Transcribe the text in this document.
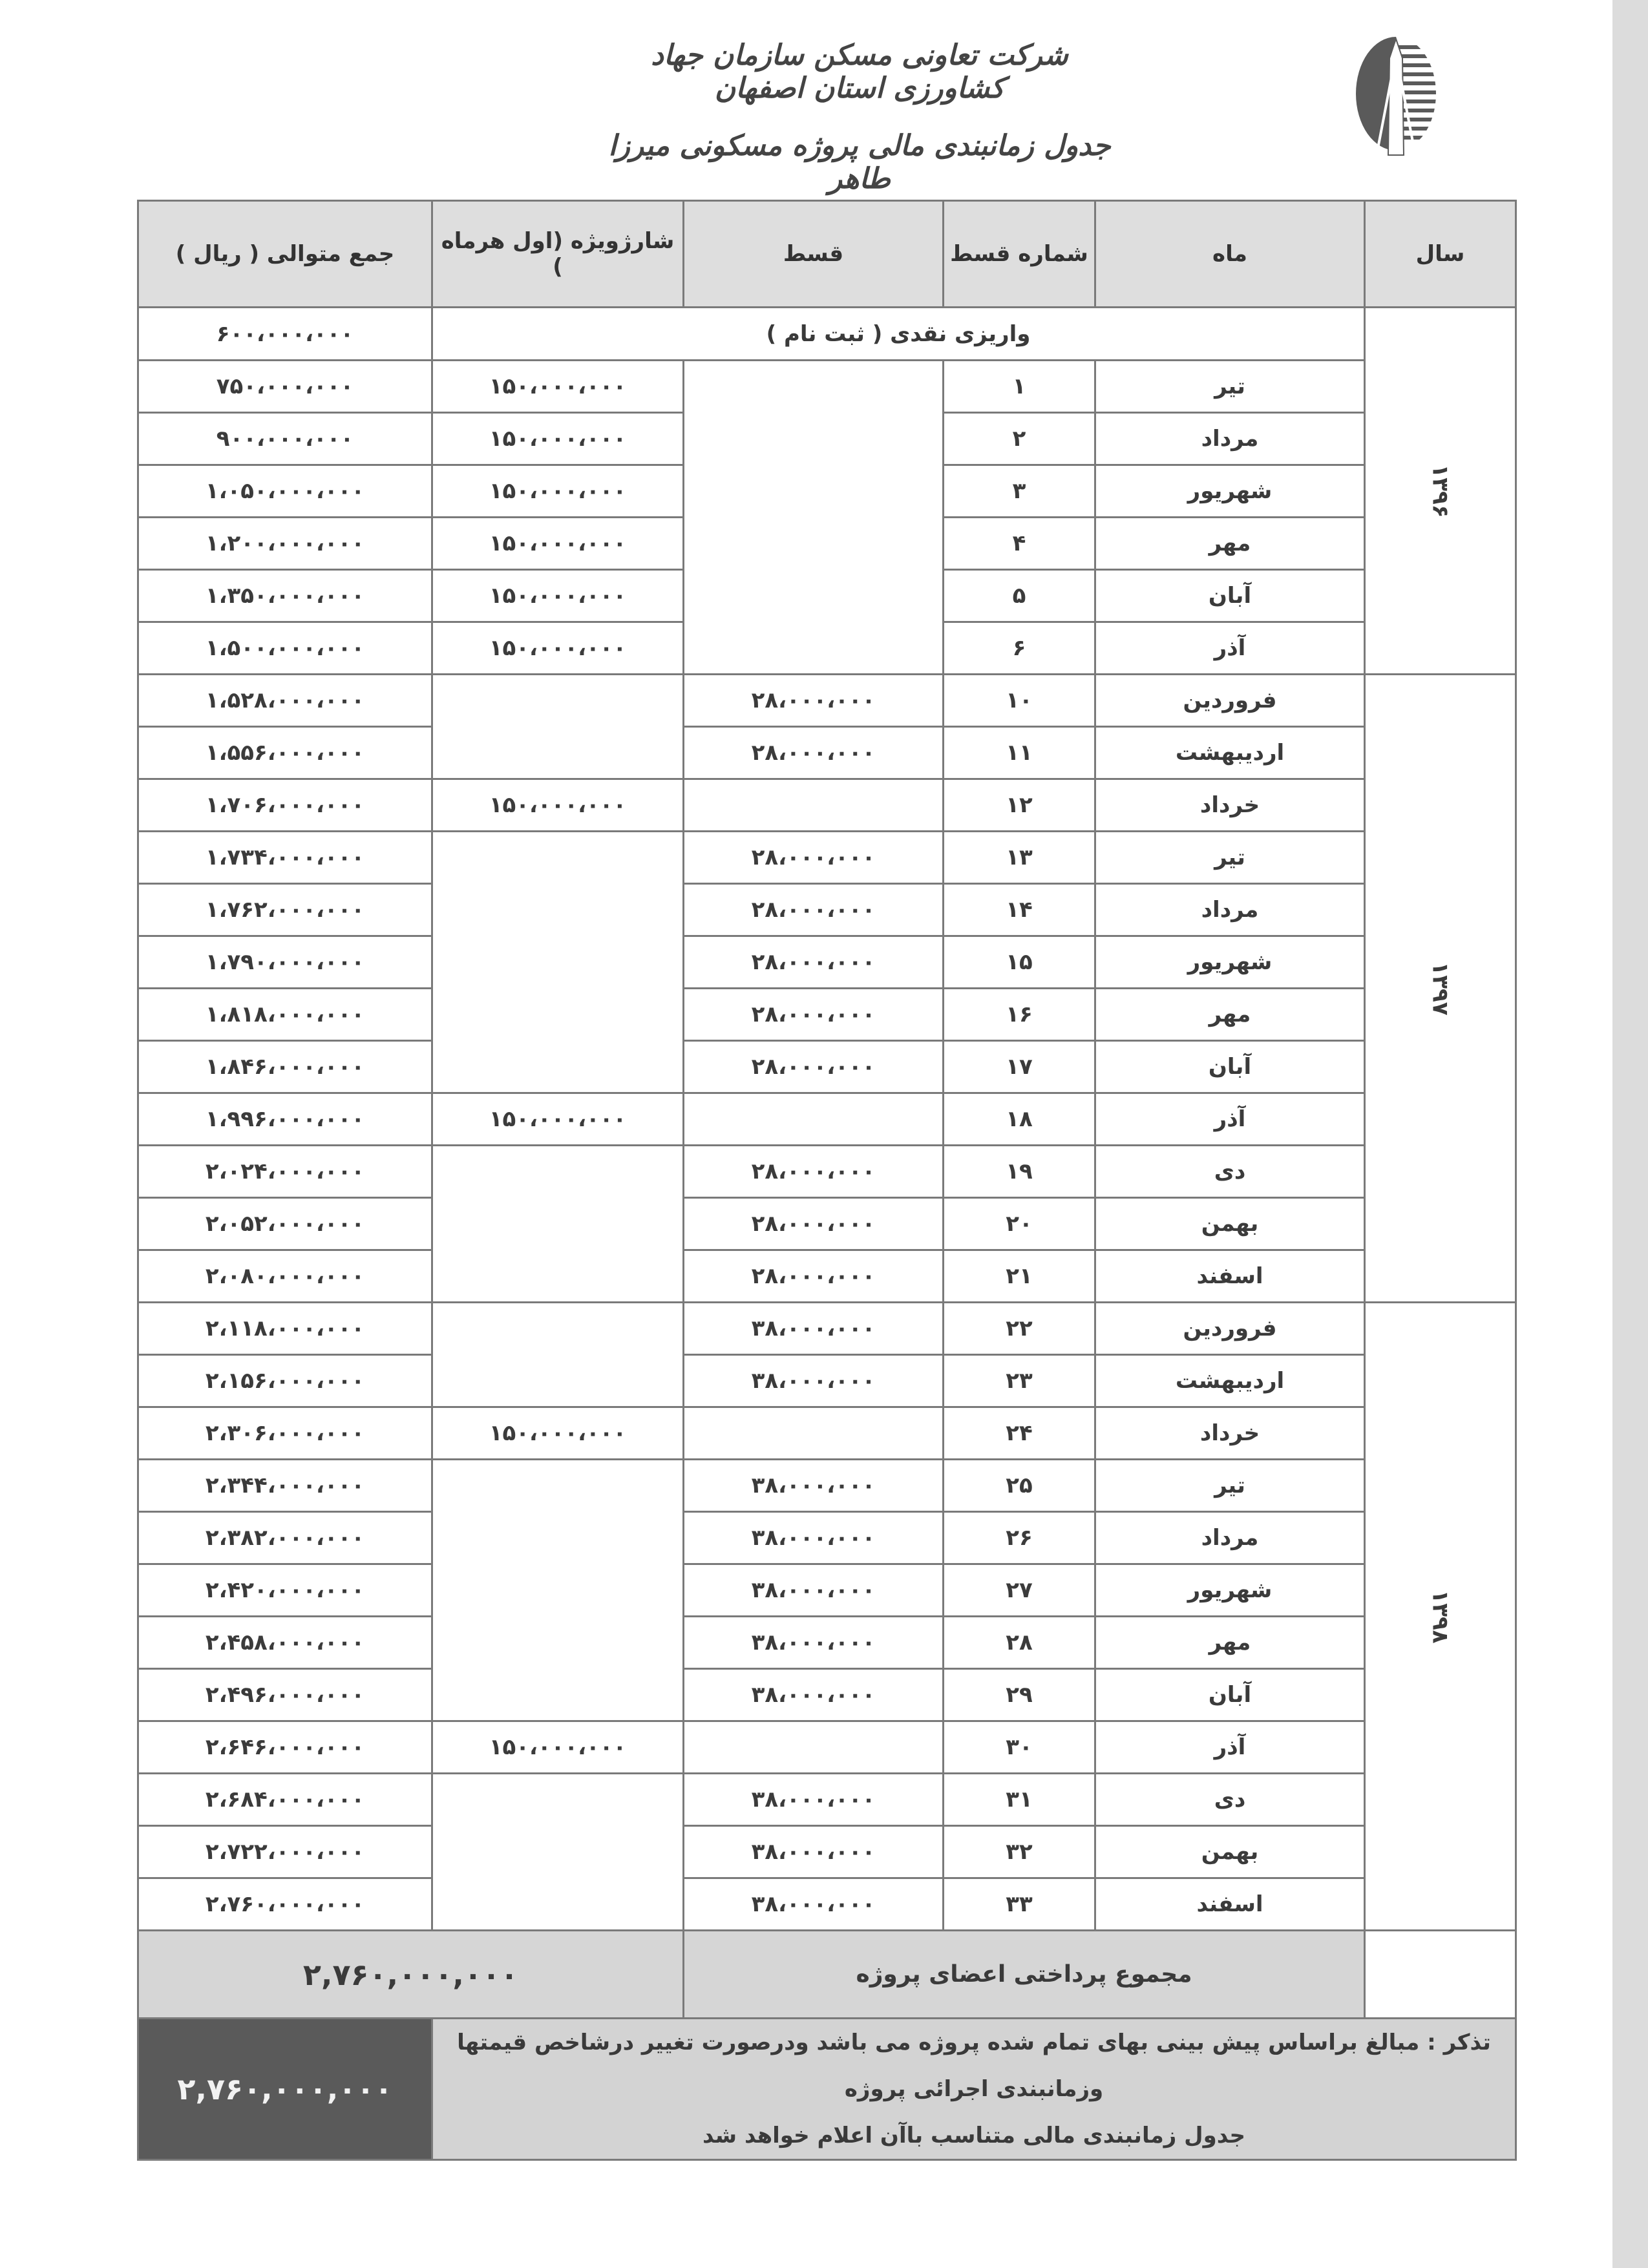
شرکت تعاونی مسکن سازمان جهاد کشاورزی استان اصفهان
جدول زمانبندی مالی پروژه مسکونی میرزا طاهر
سال	ماه	شماره قسط	قسط	شارژویژه (اول هرماه )	جمع متوالی ( ریال )
۱۳۹۶	واریزی نقدی ( ثبت نام )				۶۰۰،۰۰۰،۰۰۰
	تیر	۱		۱۵۰،۰۰۰،۰۰۰	۷۵۰،۰۰۰،۰۰۰
	مرداد	۲		۱۵۰،۰۰۰،۰۰۰	۹۰۰،۰۰۰،۰۰۰
	شهریور	۳		۱۵۰،۰۰۰،۰۰۰	۱،۰۵۰،۰۰۰،۰۰۰
	مهر	۴		۱۵۰،۰۰۰،۰۰۰	۱،۲۰۰،۰۰۰،۰۰۰
	آبان	۵		۱۵۰،۰۰۰،۰۰۰	۱،۳۵۰،۰۰۰،۰۰۰
	آذر	۶		۱۵۰،۰۰۰،۰۰۰	۱،۵۰۰،۰۰۰،۰۰۰
۱۳۹۷	فروردین	۱۰	۲۸،۰۰۰،۰۰۰		۱،۵۲۸،۰۰۰،۰۰۰
	اردیبهشت	۱۱	۲۸،۰۰۰،۰۰۰		۱،۵۵۶،۰۰۰،۰۰۰
	خرداد	۱۲		۱۵۰،۰۰۰،۰۰۰	۱،۷۰۶،۰۰۰،۰۰۰
	تیر	۱۳	۲۸،۰۰۰،۰۰۰		۱،۷۳۴،۰۰۰،۰۰۰
	مرداد	۱۴	۲۸،۰۰۰،۰۰۰		۱،۷۶۲،۰۰۰،۰۰۰
	شهریور	۱۵	۲۸،۰۰۰،۰۰۰		۱،۷۹۰،۰۰۰،۰۰۰
	مهر	۱۶	۲۸،۰۰۰،۰۰۰		۱،۸۱۸،۰۰۰،۰۰۰
	آبان	۱۷	۲۸،۰۰۰،۰۰۰		۱،۸۴۶،۰۰۰،۰۰۰
	آذر	۱۸		۱۵۰،۰۰۰،۰۰۰	۱،۹۹۶،۰۰۰،۰۰۰
	دی	۱۹	۲۸،۰۰۰،۰۰۰		۲،۰۲۴،۰۰۰،۰۰۰
	بهمن	۲۰	۲۸،۰۰۰،۰۰۰		۲،۰۵۲،۰۰۰،۰۰۰
	اسفند	۲۱	۲۸،۰۰۰،۰۰۰		۲،۰۸۰،۰۰۰،۰۰۰
۱۳۹۸	فروردین	۲۲	۳۸،۰۰۰،۰۰۰		۲،۱۱۸،۰۰۰،۰۰۰
	اردیبهشت	۲۳	۳۸،۰۰۰،۰۰۰		۲،۱۵۶،۰۰۰،۰۰۰
	خرداد	۲۴		۱۵۰،۰۰۰،۰۰۰	۲،۳۰۶،۰۰۰،۰۰۰
	تیر	۲۵	۳۸،۰۰۰،۰۰۰		۲،۳۴۴،۰۰۰،۰۰۰
	مرداد	۲۶	۳۸،۰۰۰،۰۰۰		۲،۳۸۲،۰۰۰،۰۰۰
	شهریور	۲۷	۳۸،۰۰۰،۰۰۰		۲،۴۲۰،۰۰۰،۰۰۰
	مهر	۲۸	۳۸،۰۰۰،۰۰۰		۲،۴۵۸،۰۰۰،۰۰۰
	آبان	۲۹	۳۸،۰۰۰،۰۰۰		۲،۴۹۶،۰۰۰،۰۰۰
	آذر	۳۰		۱۵۰،۰۰۰،۰۰۰	۲،۶۴۶،۰۰۰،۰۰۰
	دی	۳۱	۳۸،۰۰۰،۰۰۰		۲،۶۸۴،۰۰۰،۰۰۰
	بهمن	۳۲	۳۸،۰۰۰،۰۰۰		۲،۷۲۲،۰۰۰،۰۰۰
	اسفند	۳۳	۳۸،۰۰۰،۰۰۰		۲،۷۶۰،۰۰۰،۰۰۰
	مجموع پرداختی اعضای پروژه			۲,۷۶۰,۰۰۰,۰۰۰	

تذکر : مبالغ براساس پیش بینی بهای تمام شده پروژه می باشد ودرصورت تغییر درشاخص قیمتها وزمانبندی اجرائی پروژه
جدول زمانبندی مالی متناسب باآن اعلام خواهد شد					۲,۷۶۰,۰۰۰,۰۰۰
